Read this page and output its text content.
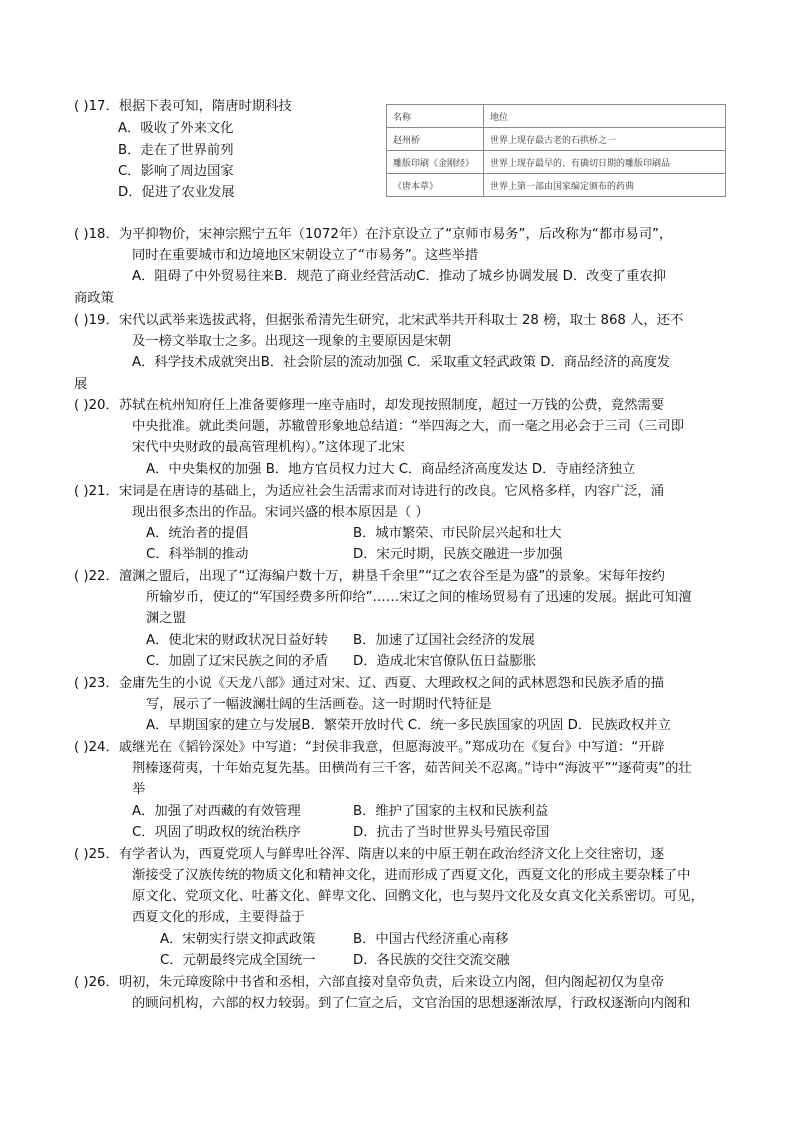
( )17．根据下表可知，隋唐时期科技
A．吸收了外来文化
B．走在了世界前列
C．影响了周边国家
D．促进了农业发展
名称	地位
赵州桥	世界上现存最古老的石拱桥之一
雕版印刷《金刚经》	世界上现存最早的、有确切日期的雕版印刷品
《唐本草》	世界上第一部由国家编定颁布的药典
( )18．为平抑物价，宋神宗熙宁五年（1072年）在汴京设立了“京师市易务”，后改称为“都市易司”，
同时在重要城市和边境地区宋朝设立了“市易务”。这些举措
A．阻碍了中外贸易往来B．规范了商业经营活动C．推动了城乡协调发展 D．改变了重农抑
商政策
( )19．宋代以武举来选拔武将，但据张希清先生研究，北宋武举共开科取士 28 榜，取士 868 人，还不
及一榜文举取士之多。出现这一现象的主要原因是宋朝
A．科学技术成就突出B．社会阶层的流动加强 C．采取重文轻武政策 D．商品经济的高度发
展
( )20．苏轼在杭州知府任上准备要修理一座寺庙时，却发现按照制度，超过一万钱的公费，竟然需要
中央批准。就此类问题，苏辙曾形象地总结道：“举四海之大，而一毫之用必会于三司（三司即
宋代中央财政的最高管理机构）。”这体现了北宋
A．中央集权的加强 B．地方官员权力过大 C．商品经济高度发达 D．寺庙经济独立
( )21．宋词是在唐诗的基础上，为适应社会生活需求而对诗进行的改良。它风格多样，内容广泛，涌
现出很多杰出的作品。宋词兴盛的根本原因是（ ）
A．统治者的提倡	B．城市繁荣、市民阶层兴起和壮大
C．科举制的推动	D．宋元时期，民族交融进一步加强
( )22．澶渊之盟后，出现了“辽海编户数十万，耕垦千余里”“辽之农谷至是为盛”的景象。宋每年按约
所输岁币，使辽的“军国经费多所仰给”……宋辽之间的榷场贸易有了迅速的发展。据此可知澶
渊之盟
A．使北宋的财政状况日益好转 B．加速了辽国社会经济的发展
C．加剧了辽宋民族之间的矛盾 D．造成北宋官僚队伍日益膨胀
( )23．金庸先生的小说《天龙八部》通过对宋、辽、西夏、大理政权之间的武林恩怨和民族矛盾的描
写，展示了一幅波澜壮阔的生活画卷。这一时期时代特征是
A．早期国家的建立与发展B．繁荣开放时代 C．统一多民族国家的巩固 D．民族政权并立
( )24．戚继光在《韬钤深处》中写道：“封侯非我意，但愿海波平。”郑成功在《复台》中写道：“开辟
荆榛逐荷夷，十年始克复先基。田横尚有三千客，茹苦间关不忍离。”诗中“海波平”“逐荷夷”的壮
举
A．加强了对西藏的有效管理	B．维护了国家的主权和民族利益
C．巩固了明政权的统治秩序	D．抗击了当时世界头号殖民帝国
( )25．有学者认为，西夏党项人与鲜卑吐谷浑、隋唐以来的中原王朝在政治经济文化上交往密切，逐
渐接受了汉族传统的物质文化和精神文化，进而形成了西夏文化，西夏文化的形成主要杂糅了中
原文化、党项文化、吐蕃文化、鲜卑文化、回鹘文化，也与契丹文化及女真文化关系密切。可见，
西夏文化的形成，主要得益于
A．宋朝实行崇文抑武政策	B．中国古代经济重心南移
C．元朝最终完成全国统一	D．各民族的交往交流交融
( )26．明初，朱元璋废除中书省和丞相，六部直接对皇帝负责，后来设立内阁，但内阁起初仅为皇帝
的顾问机构，六部的权力较弱。到了仁宣之后，文官治国的思想逐渐浓厚，行政权逐渐向内阁和
